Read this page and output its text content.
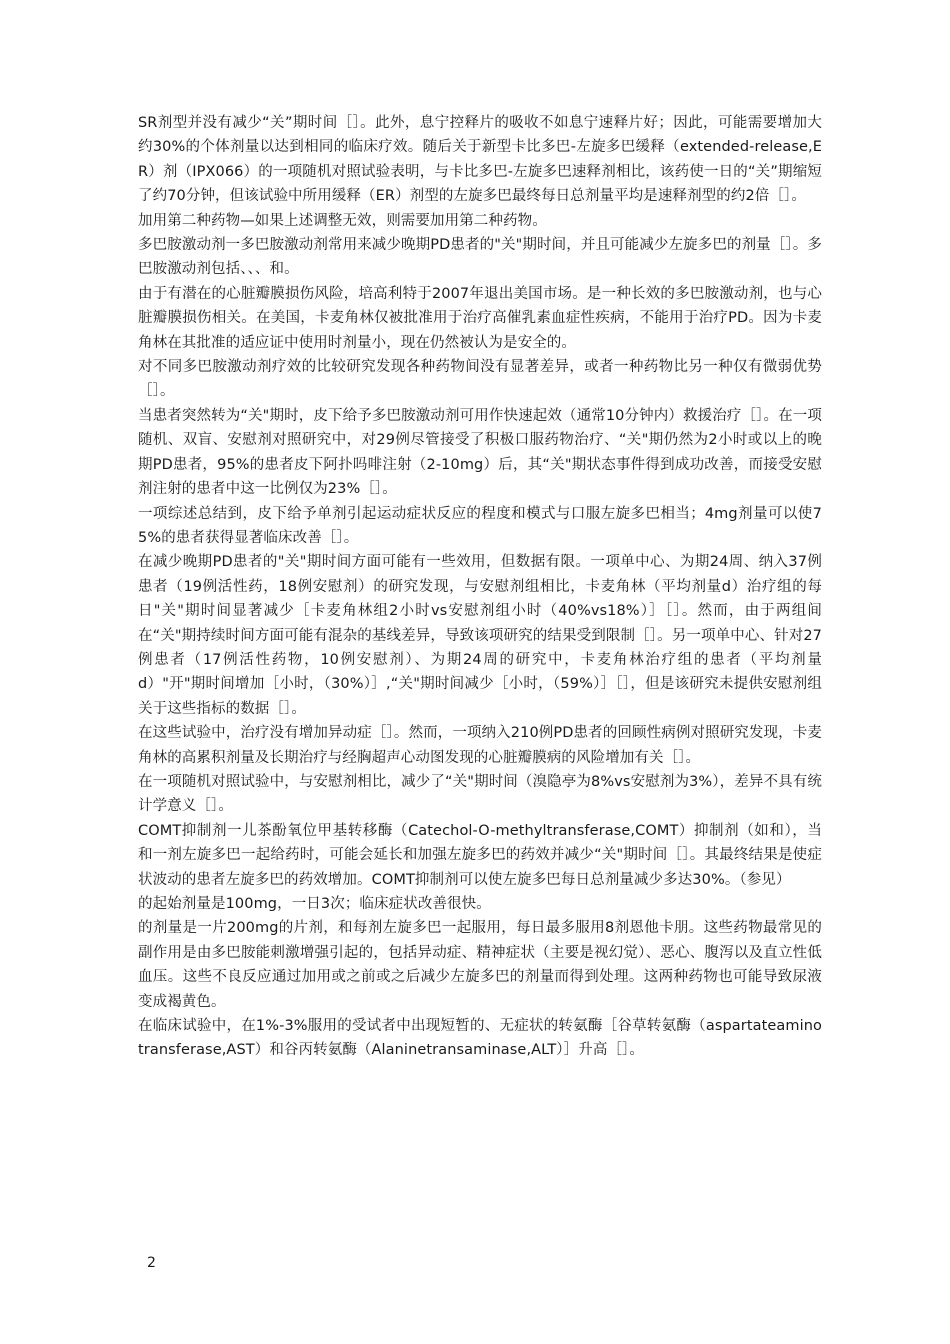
SR剂型并没有减少“关”期时间［］。此外，息宁控释片的吸收不如息宁速释片好；因此，可能需要增加大约30%的个体剂量以达到相同的临床疗效。随后关于新型卡比多巴-左旋多巴缓释（extended-release,ER）剂（IPX066）的一项随机对照试验表明，与卡比多巴-左旋多巴速释剂相比，该药使一日的“关”期缩短了约70分钟，但该试验中所用缓释（ER）剂型的左旋多巴最终每日总剂量平均是速释剂型的约2倍［］。

加用第二种药物—如果上述调整无效，则需要加用第二种药物。

多巴胺激动剂一多巴胺激动剂常用来减少晚期PD患者的"关"期时间，并且可能减少左旋多巴的剂量［］。多巴胺激动剂包括、、、和。

由于有潜在的心脏瓣膜损伤风险，培高利特于2007年退出美国市场。是一种长效的多巴胺激动剂，也与心脏瓣膜损伤相关。在美国，卡麦角林仅被批准用于治疗高催乳素血症性疾病，不能用于治疗PD。因为卡麦角林在其批准的适应证中使用时剂量小，现在仍然被认为是安全的。

对不同多巴胺激动剂疗效的比较研究发现各种药物间没有显著差异，或者一种药物比另一种仅有微弱优势［］。

当患者突然转为“关"期时，皮下给予多巴胺激动剂可用作快速起效（通常10分钟内）救援治疗［］。在一项随机、双盲、安慰剂对照研究中，对29例尽管接受了积极口服药物治疗、“关"期仍然为2小时或以上的晚期PD患者，95%的患者皮下阿扑吗啡注射（2-10mg）后，其“关"期状态事件得到成功改善，而接受安慰剂注射的患者中这一比例仅为23%［］。

一项综述总结到，皮下给予单剂引起运动症状反应的程度和模式与口服左旋多巴相当；4mg剂量可以使75%的患者获得显著临床改善［］。

在减少晚期PD患者的"关"期时间方面可能有一些效用，但数据有限。一项单中心、为期24周、纳入37例患者（19例活性药，18例安慰剂）的研究发现，与安慰剂组相比，卡麦角林（平均剂量d）治疗组的每日"关"期时间显著减少［卡麦角林组2小时vs安慰剂组小时（40%vs18%）］［］。然而，由于两组间在“关"期持续时间方面可能有混杂的基线差异，导致该项研究的结果受到限制［］。另一项单中心、针对27例患者（17例活性药物，10例安慰剂）、为期24周的研究中，卡麦角林治疗组的患者（平均剂量d）"开"期时间增加［小时，（30%）］,“关"期时间减少［小时，（59%）］［］，但是该研究未提供安慰剂组关于这些指标的数据［］。

在这些试验中，治疗没有增加异动症［］。然而，一项纳入210例PD患者的回顾性病例对照研究发现，卡麦角林的高累积剂量及长期治疗与经胸超声心动图发现的心脏瓣膜病的风险增加有关［］。

在一项随机对照试验中，与安慰剂相比，减少了“关"期时间（溴隐亭为8%vs安慰剂为3%），差异不具有统计学意义［］。

COMT抑制剂一儿茶酚氧位甲基转移酶（Catechol-O-methyltransferase,COMT）抑制剂（如和），当和一剂左旋多巴一起给药时，可能会延长和加强左旋多巴的药效并减少“关"期时间［］。其最终结果是使症状波动的患者左旋多巴的药效增加。COMT抑制剂可以使左旋多巴每日总剂量减少多达30%。（参见）

的起始剂量是100mg，一日3次；临床症状改善很快。

的剂量是一片200mg的片剂，和每剂左旋多巴一起服用，每日最多服用8剂恩他卡朋。这些药物最常见的副作用是由多巴胺能刺激增强引起的，包括异动症、精神症状（主要是视幻觉）、恶心、腹泻以及直立性低血压。这些不良反应通过加用或之前或之后减少左旋多巴的剂量而得到处理。这两种药物也可能导致尿液变成褐黄色。

在临床试验中，在1%-3%服用的受试者中出现短暂的、无症状的转氨酶［谷草转氨酶（aspartateaminotransferase,AST）和谷丙转氨酶（Alaninetransaminase,ALT）］升高［］。

2
